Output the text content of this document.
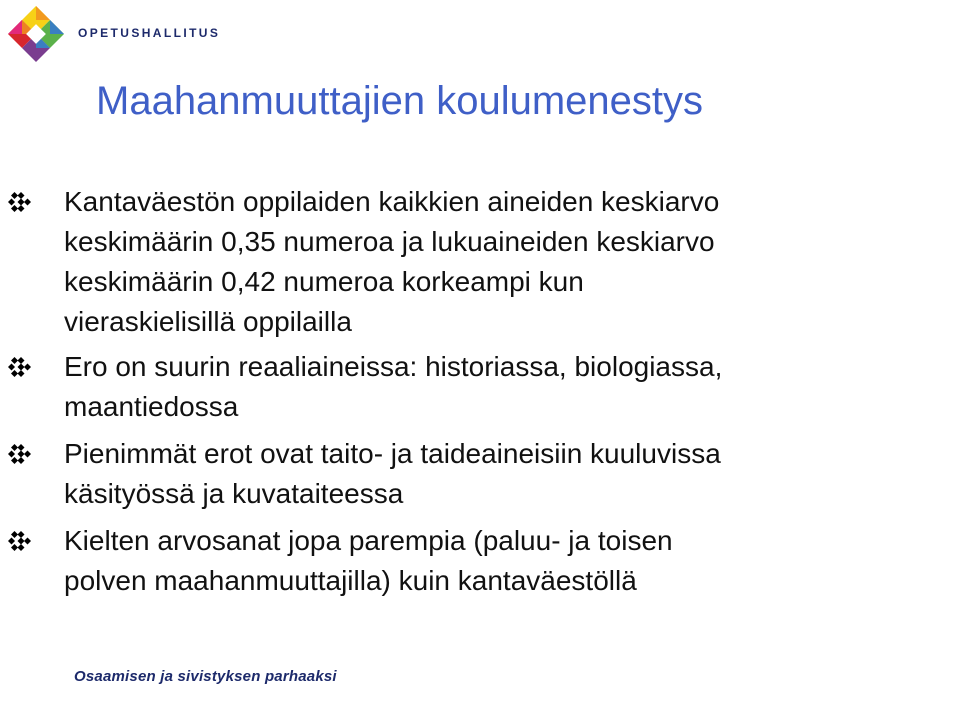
OPETUSHALLITUS
Maahanmuuttajien koulumenestys
Kantaväestön oppilaiden kaikkien aineiden keskiarvo
keskimäärin 0,35 numeroa ja lukuaineiden keskiarvo
keskimäärin 0,42 numeroa korkeampi kun
vieraskielisillä oppilailla
Ero on suurin reaaliaineissa: historiassa, biologiassa,
maantiedossa
Pienimmät erot ovat taito- ja taideaineisiin kuuluvissa
käsityössä ja kuvataiteessa
Kielten arvosanat jopa parempia (paluu- ja toisen
polven maahanmuuttajilla) kuin kantaväestöllä
Osaamisen ja sivistyksen parhaaksi
